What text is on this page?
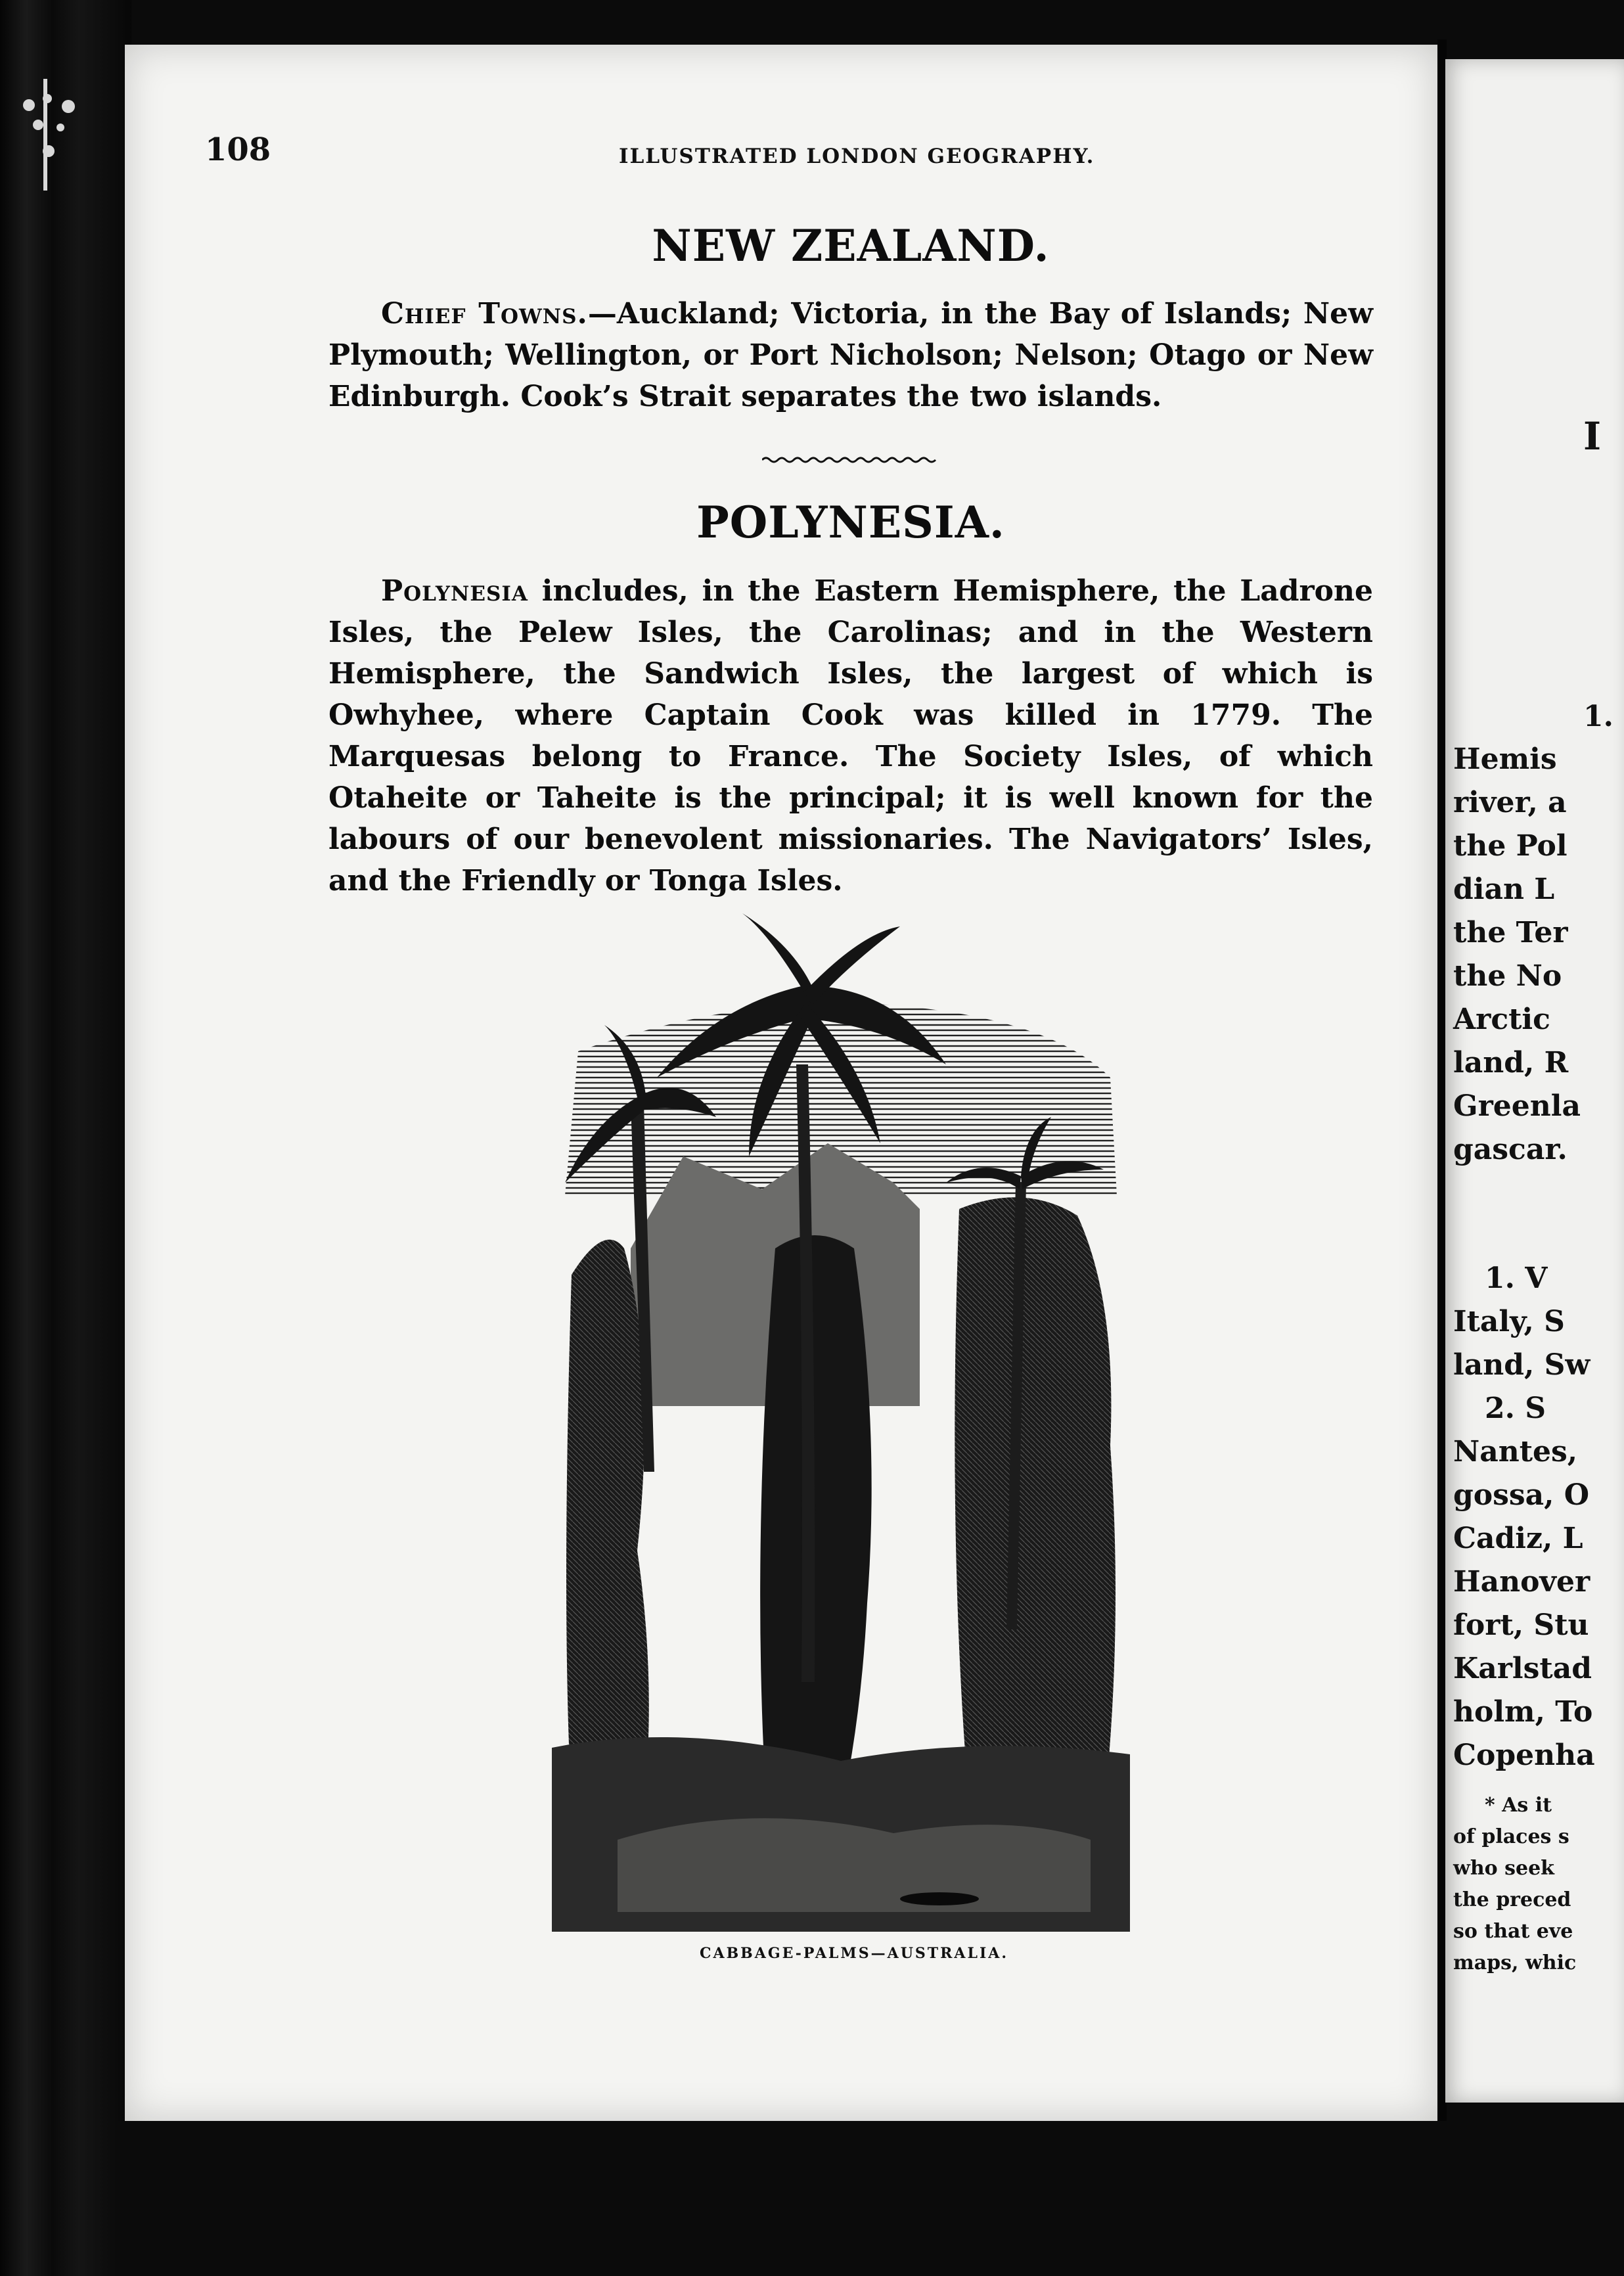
I
1.
Hemis
river, a
the Pol
dian L
the Ter
the No
Arctic
land, R
Greenla
gascar.
1. V
Italy, S
land, Sw
2. S
Nantes,
gossa, O
Cadiz, L
Hanover
fort, Stu
Karlstad
holm, To
Copenha
* As it
of places s
who seek
the preced
so that eve
maps, whic
108	ILLUSTRATED LONDON GEOGRAPHY.
NEW ZEALAND.

Chief Towns.—Auckland; Victoria, in the Bay of Islands; New Plymouth; Wellington, or Port Nicholson; Nelson; Otago or New Edinburgh. Cook’s Strait separates the two islands.

POLYNESIA.

Polynesia includes, in the Eastern Hemisphere, the Ladrone Isles, the Pelew Isles, the Carolinas; and in the Western Hemisphere, the Sandwich Isles, the largest of which is Owhyhee, where Captain Cook was killed in 1779. The Marquesas belong to France. The Society Isles, of which Otaheite or Taheite is the principal; it is well known for the labours of our benevolent missionaries. The Navigators’ Isles, and the Friendly or Tonga Isles.

CABBAGE-PALMS—AUSTRALIA.
